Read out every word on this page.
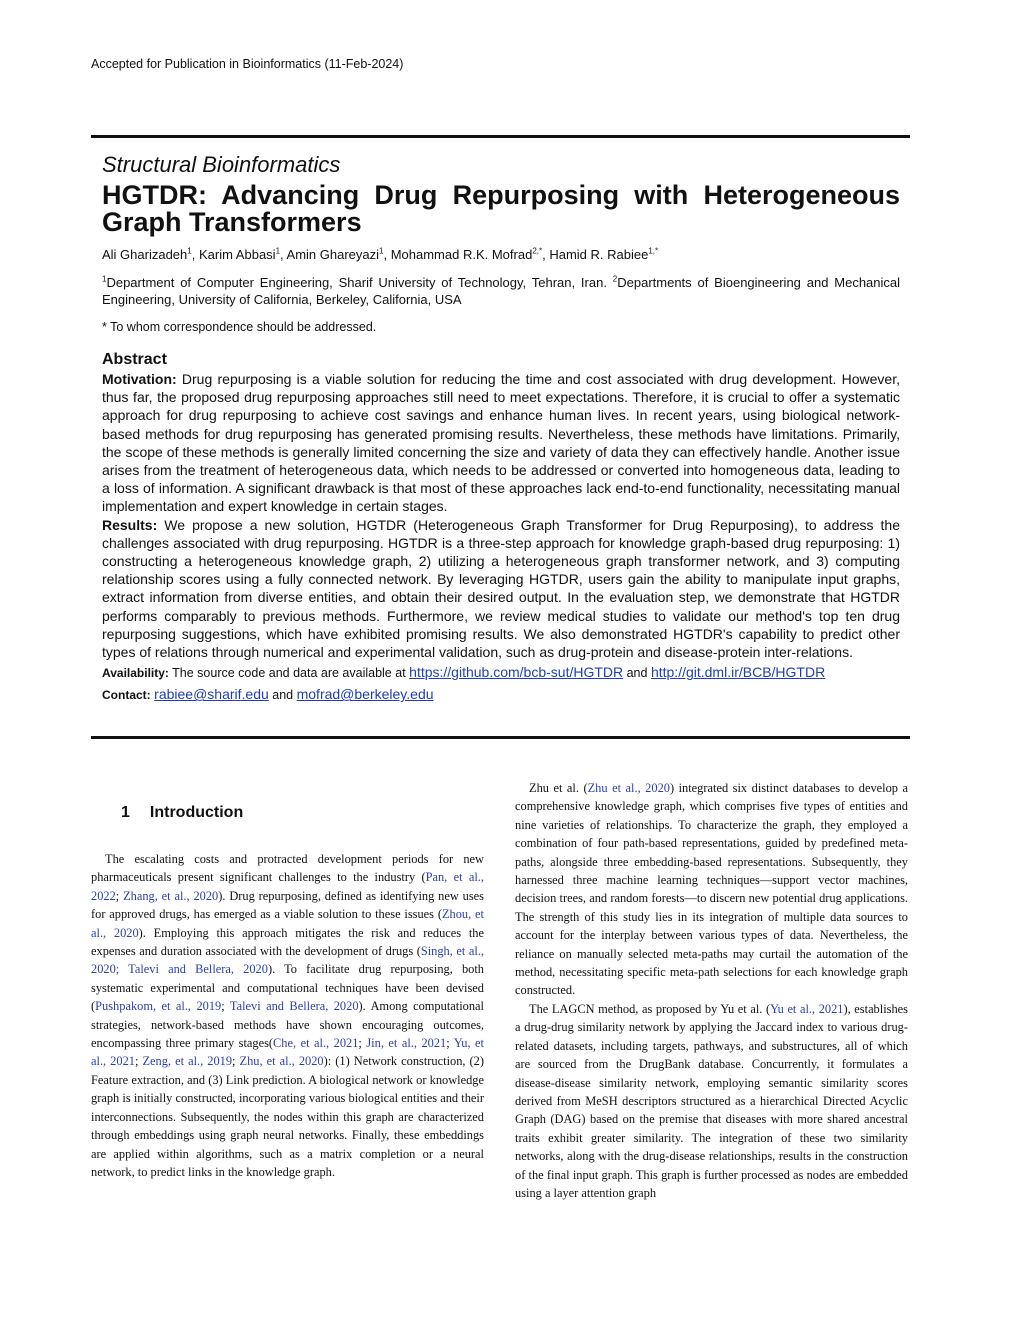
Accepted for Publication in Bioinformatics (11-Feb-2024)
Structural Bioinformatics
HGTDR: Advancing Drug Repurposing with Heterogeneous Graph Transformers
Ali Gharizadeh$^1$, Karim Abbasi$^1$, Amin Ghareyazi$^1$, Mohammad R.K. Mofrad$^{2,*}$, Hamid R. Rabiee$^{1,*}$
$^1$Department of Computer Engineering, Sharif University of Technology, Tehran, Iran. $^2$Departments of Bioengineering and Mechanical Engineering, University of California, Berkeley, California, USA
* To whom correspondence should be addressed.
Abstract

Motivation: Drug repurposing is a viable solution for reducing the time and cost associated with drug development. However, thus far, the proposed drug repurposing approaches still need to meet expectations. Therefore, it is crucial to offer a systematic approach for drug repurposing to achieve cost savings and enhance human lives. In recent years, using biological network-based methods for drug repurposing has generated promising results. Nevertheless, these methods have limitations. Primarily, the scope of these methods is generally limited concerning the size and variety of data they can effectively handle. Another issue arises from the treatment of heterogeneous data, which needs to be addressed or converted into homogeneous data, leading to a loss of information. A significant drawback is that most of these approaches lack end-to-end functionality, necessitating manual implementation and expert knowledge in certain stages.

Results: We propose a new solution, HGTDR (Heterogeneous Graph Transformer for Drug Repurposing), to address the challenges associated with drug repurposing. HGTDR is a three-step approach for knowledge graph-based drug repurposing: 1) constructing a heterogeneous knowledge graph, 2) utilizing a heterogeneous graph transformer network, and 3) computing relationship scores using a fully connected network. By leveraging HGTDR, users gain the ability to manipulate input graphs, extract information from diverse entities, and obtain their desired output. In the evaluation step, we demonstrate that HGTDR performs comparably to previous methods. Furthermore, we review medical studies to validate our method's top ten drug repurposing suggestions, which have exhibited promising results. We also demonstrated HGTDR's capability to predict other types of relations through numerical and experimental validation, such as drug-protein and disease-protein inter-relations.

Availability: The source code and data are available at https://github.com/bcb-sut/HGTDR and http://git.dml.ir/BCB/HGTDR
Contact: rabiee@sharif.edu and mofrad@berkeley.edu
1 Introduction

The escalating costs and protracted development periods for new pharmaceuticals present significant challenges to the industry (Pan, et al., 2022; Zhang, et al., 2020). Drug repurposing, defined as identifying new uses for approved drugs, has emerged as a viable solution to these issues (Zhou, et al., 2020). Employing this approach mitigates the risk and reduces the expenses and duration associated with the development of drugs (Singh, et al., 2020; Talevi and Bellera, 2020). To facilitate drug repurposing, both systematic experimental and computational techniques have been devised (Pushpakom, et al., 2019; Talevi and Bellera, 2020). Among computational strategies, network-based methods have shown encouraging outcomes, encompassing three primary stages(Che, et al., 2021; Jin, et al., 2021; Yu, et al., 2021; Zeng, et al., 2019; Zhu, et al., 2020): (1) Network construction, (2) Feature extraction, and (3) Link prediction. A biological network or knowledge graph is initially constructed, incorporating various biological entities and their interconnections. Subsequently, the nodes within this graph are characterized through embeddings using graph neural networks. Finally, these embeddings are applied within algorithms, such as a matrix completion or a neural network, to predict links in the knowledge graph.

Zhu et al. (Zhu et al., 2020) integrated six distinct databases to develop a comprehensive knowledge graph, which comprises five types of entities and nine varieties of relationships. To characterize the graph, they employed a combination of four path-based representations, guided by predefined meta-paths, alongside three embedding-based representations. Subsequently, they harnessed three machine learning techniques—support vector machines, decision trees, and random forests—to discern new potential drug applications. The strength of this study lies in its integration of multiple data sources to account for the interplay between various types of data. Nevertheless, the reliance on manually selected meta-paths may curtail the automation of the method, necessitating specific meta-path selections for each knowledge graph constructed.

The LAGCN method, as proposed by Yu et al. (Yu et al., 2021), establishes a drug-drug similarity network by applying the Jaccard index to various drug-related datasets, including targets, pathways, and substructures, all of which are sourced from the DrugBank database. Concurrently, it formulates a disease-disease similarity network, employing semantic similarity scores derived from MeSH descriptors structured as a hierarchical Directed Acyclic Graph (DAG) based on the premise that diseases with more shared ancestral traits exhibit greater similarity. The integration of these two similarity networks, along with the drug-disease relationships, results in the construction of the final input graph. This graph is further processed as nodes are embedded using a layer attention graph
